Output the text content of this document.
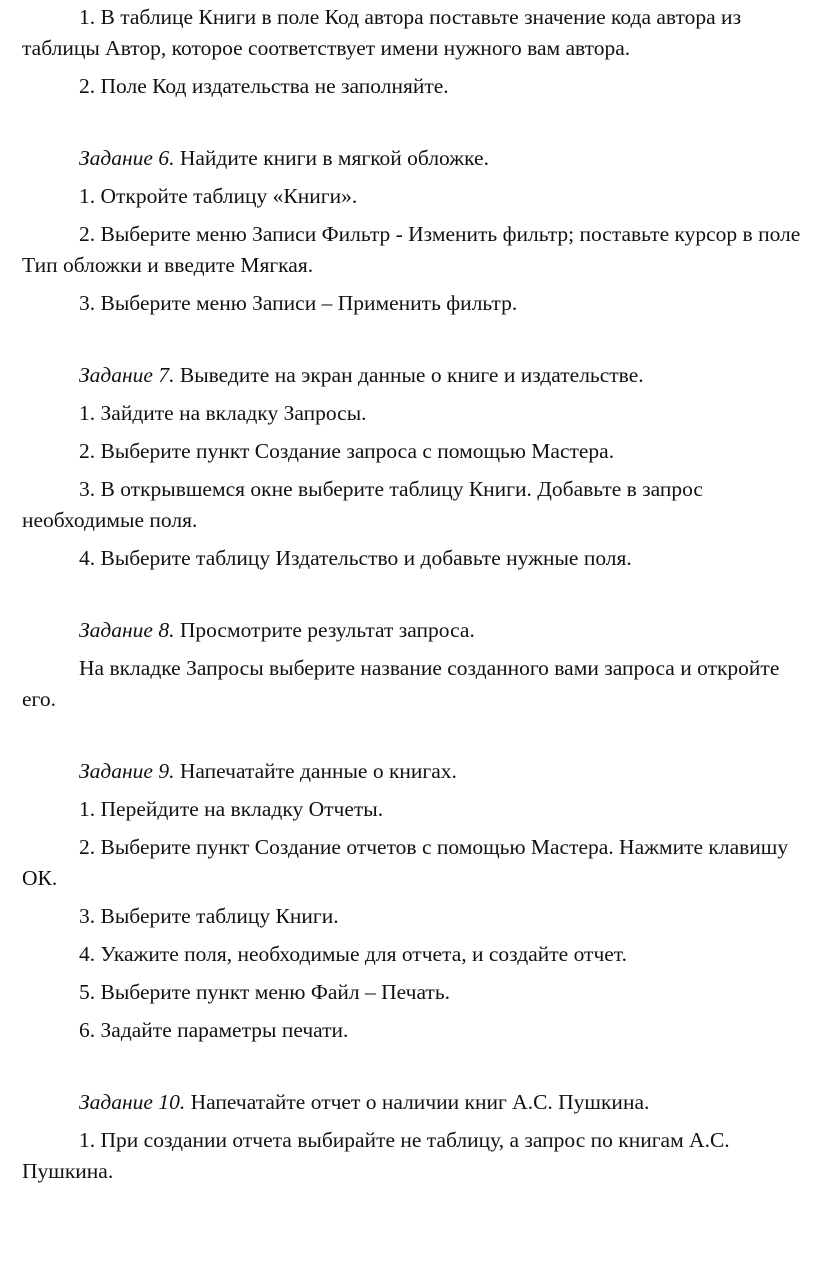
1. В таблице Книги в поле Код автора поставьте значение кода автора из таблицы Автор, которое соответствует имени нужного вам автора.

2. Поле Код издательства не заполняйте.

Задание 6. Найдите книги в мягкой обложке.

1. Откройте таблицу «Книги».

2. Выберите меню Записи Фильтр - Изменить фильтр; поставьте курсор в поле Тип обложки и введите Мягкая.

3. Выберите меню Записи – Применить фильтр.

Задание 7. Выведите на экран данные о книге и издательстве.

1. Зайдите на вкладку Запросы.

2. Выберите пункт Создание запроса с помощью Мастера.

3. В открывшемся окне выберите таблицу Книги. Добавьте в запрос необходимые поля.

4. Выберите таблицу Издательство и добавьте нужные поля.

Задание 8. Просмотрите результат запроса.

На вкладке Запросы выберите название созданного вами запроса и откройте его.

Задание 9. Напечатайте данные о книгах.

1. Перейдите на вкладку Отчеты.

2. Выберите пункт Создание отчетов с помощью Мастера. Нажмите клавишу ОК.

3. Выберите таблицу Книги.

4. Укажите поля, необходимые для отчета, и создайте отчет.

5. Выберите пункт меню Файл – Печать.

6. Задайте параметры печати.

Задание 10. Напечатайте отчет о наличии книг А.С. Пушкина.

1. При создании отчета выбирайте не таблицу, а запрос по книгам А.С. Пушкина.
